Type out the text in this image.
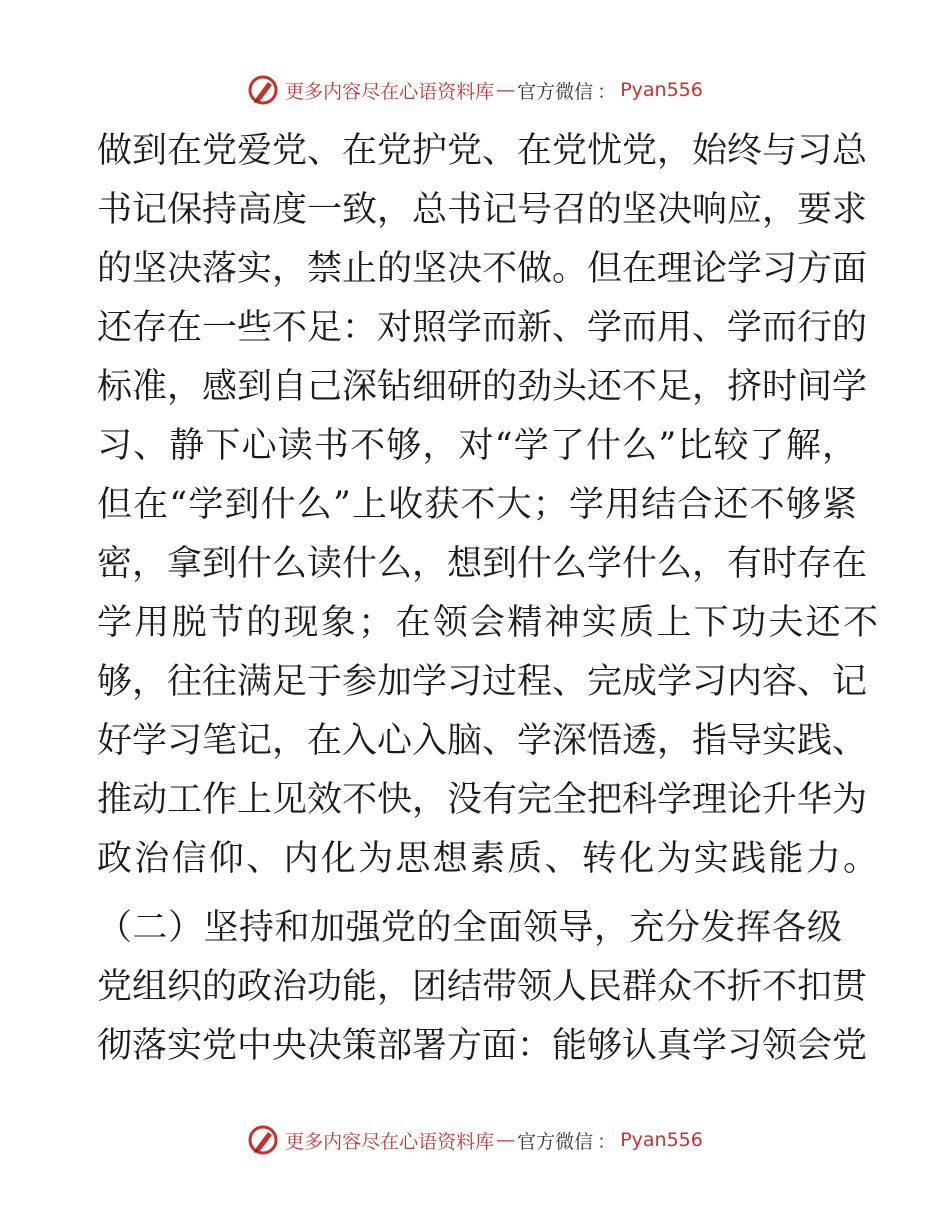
更多内容尽在心语资料库 — 官方微信 ： Pyan556
做到在党爱党、在党护党、在党忧党，始终与习总
书记保持高度一致，总书记号召的坚决响应，要求
的坚决落实，禁止的坚决不做。但在理论学习方面
还存在一些不足：对照学而新、学而用、学而行的
标准，感到自己深钻细研的劲头还不足，挤时间学
习、静下心读书不够，对“学了什么”比较了解，
但在“学到什么”上收获不大；学用结合还不够紧
密，拿到什么读什么，想到什么学什么，有时存在
学用脱节的现象；在领会精神实质上下功夫还不
够，往往满足于参加学习过程、完成学习内容、记
好学习笔记，在入心入脑、学深悟透，指导实践、
推动工作上见效不快，没有完全把科学理论升华为
政治信仰、内化为思想素质、转化为实践能力。
（二）坚持和加强党的全面领导，充分发挥各级
党组织的政治功能，团结带领人民群众不折不扣贯
彻落实党中央决策部署方面：能够认真学习领会党
更多内容尽在心语资料库 — 官方微信 ： Pyan556
